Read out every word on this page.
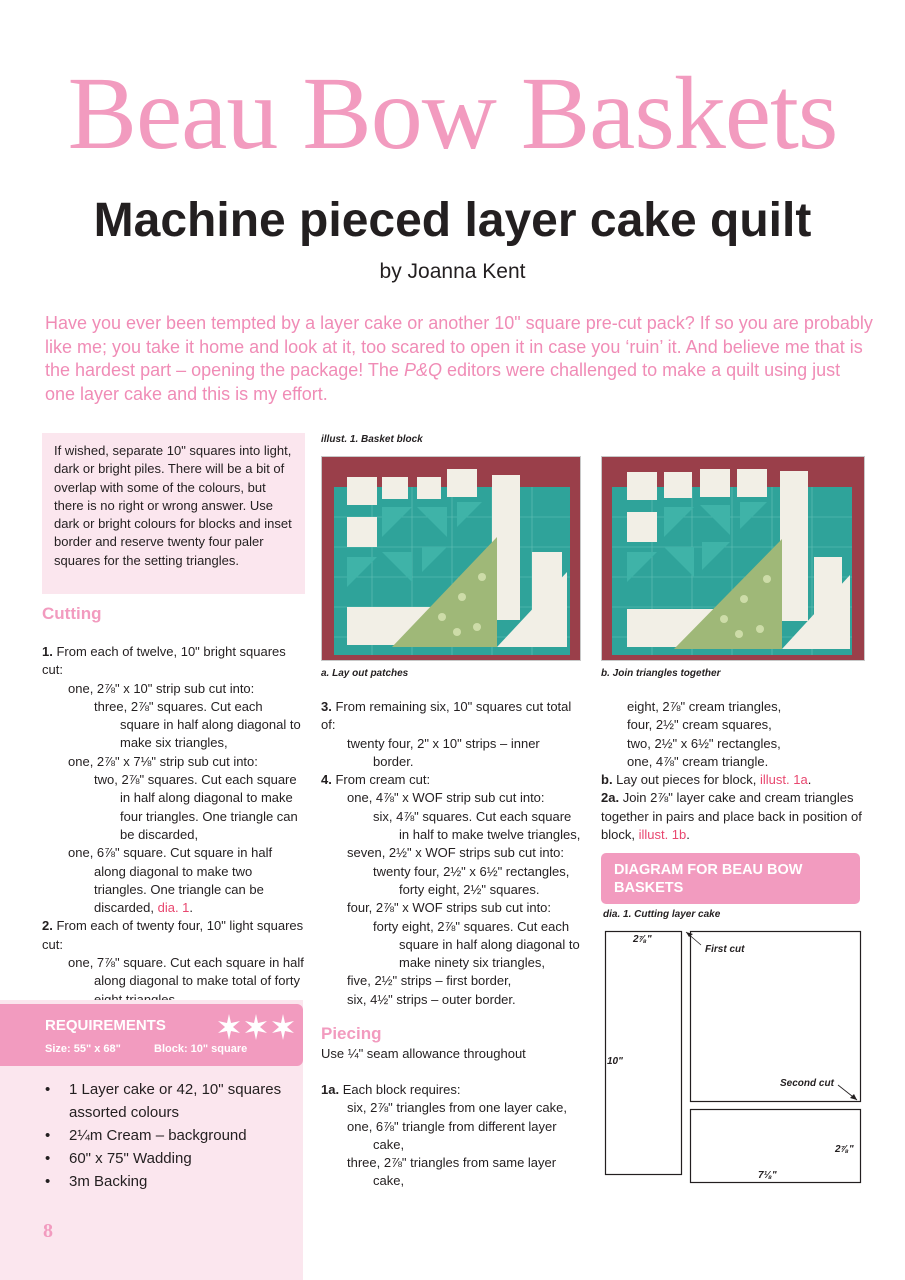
Beau Bow Baskets
Machine pieced layer cake quilt
by Joanna Kent
Have you ever been tempted by a layer cake or another 10" square pre-cut pack? If so you are probably like me; you take it home and look at it, too scared to open it in case you ‘ruin’ it. And believe me that is the hardest part – opening the package! The P&Q editors were challenged to make a quilt using just one layer cake and this is my effort.
If wished, separate 10" squares into light, dark or bright piles. There will be a bit of overlap with some of the colours, but there is no right or wrong answer. Use dark or bright colours for blocks and inset border and reserve twenty four paler squares for the setting triangles.
Cutting

1. From each of twelve, 10" bright squares cut:

one, 2⅞" x 10" strip sub cut into:

three, 2⅞" squares. Cut each square in half along diagonal to make six triangles,

one, 2⅞" x 7⅛" strip sub cut into:

two, 2⅞" squares. Cut each square in half along diagonal to make four triangles. One triangle can be discarded,

one, 6⅞" square. Cut square in half along diagonal to make two triangles. One triangle can be discarded, dia. 1.

2. From each of twenty four, 10" light squares cut:

one, 7⅞" square. Cut each square in half along diagonal to make total of forty

REQUIREMENTS
Size: 55" x 68"	Block: 10" square
• 1 Layer cake or 42, 10" squares assorted colours
• 2¼m Cream – background
• 60" x 75" Wadding
• 3m Backing
8
illust. 1. Basket block
a. Lay out patches	b. Join triangles together

3. From remaining six, 10" squares cut total of:

twenty four, 2" x 10" strips – inner border.

4. From cream cut:

one, 4⅞" x WOF strip sub cut into:

six, 4⅞" squares. Cut each square in half to make twelve triangles,

seven, 2½" x WOF strips sub cut into:

twenty four, 2½" x 6½" rectangles, forty eight, 2½" squares.

four, 2⅞" x WOF strips sub cut into:

forty eight, 2⅞" squares. Cut each square in half along diagonal to make ninety six triangles,

five, 2½" strips – first border,

six, 4½" strips – outer border.

Piecing
Use ¼" seam allowance throughout

1a. Each block requires:

six, 2⅞" triangles from one layer cake,

one, 6⅞" triangle from different layer cake,

three, 2⅞" triangles from same layer cake,

eight, 2⅞" cream triangles,

four, 2½" cream squares,

two, 2½" x 6½" rectangles,

one, 4⅞" cream triangle.

b. Lay out pieces for block, illust. 1a.

2a. Join 2⅞" layer cake and cream triangles together in pairs and place back in position of block, illust. 1b.

DIAGRAM FOR BEAU BOW BASKETS
dia. 1. Cutting layer cake
2⅞"
First cut
10"
Second cut
2⅞"
7⅛"
